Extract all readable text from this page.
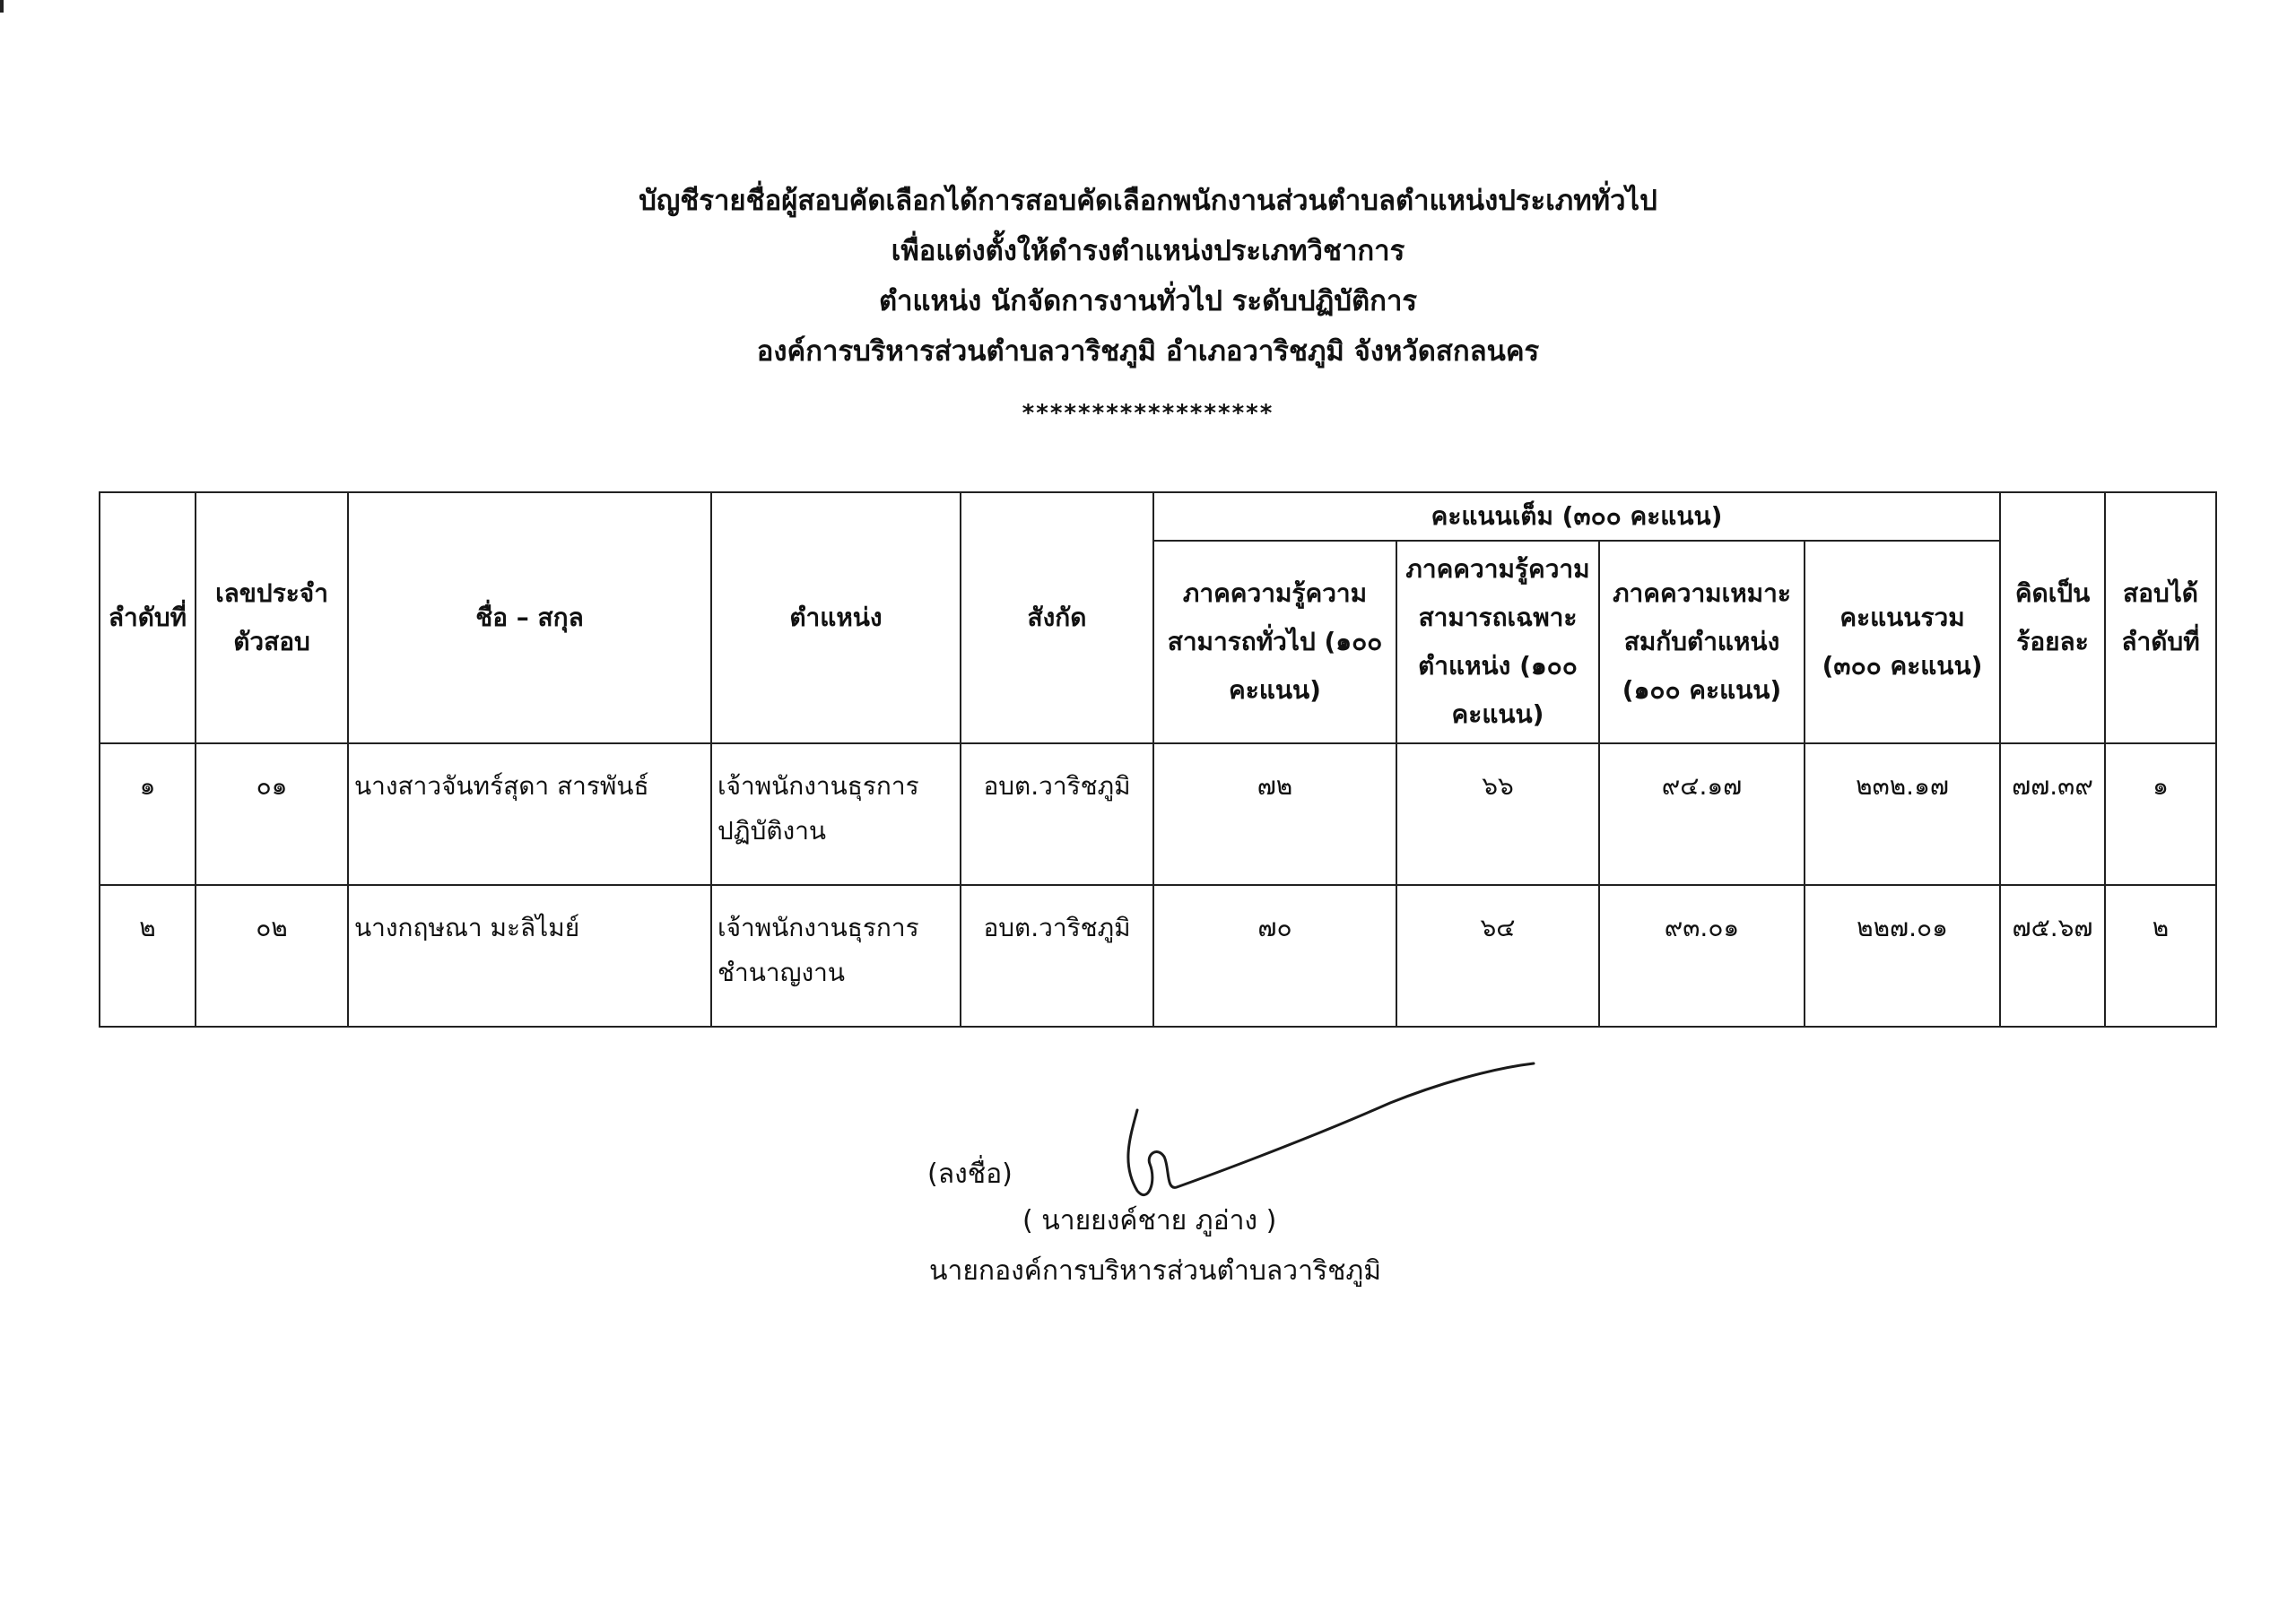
บัญชีรายชื่อผู้สอบคัดเลือกได้การสอบคัดเลือกพนักงานส่วนตำบลตำแหน่งประเภททั่วไป
เพื่อแต่งตั้งให้ดำรงตำแหน่งประเภทวิชาการ
ตำแหน่ง นักจัดการงานทั่วไป ระดับปฏิบัติการ
องค์การบริหารส่วนตำบลวาริชภูมิ อำเภอวาริชภูมิ จังหวัดสกลนคร
******************
ลำดับที่	เลขประจำตัวสอบ	ชื่อ – สกุล	ตำแหน่ง	สังกัด	คะแนนเต็ม (๓๐๐ คะแนน)				คิดเป็นร้อยละ	สอบได้ลำดับที่
					ภาคความรู้ความสามารถทั่วไป (๑๐๐ คะแนน)	ภาคความรู้ความสามารถเฉพาะตำแหน่ง (๑๐๐ คะแนน)	ภาคความเหมาะสมกับตำแหน่ง (๑๐๐ คะแนน)	คะแนนรวม (๓๐๐ คะแนน)		
๑	๐๑	นางสาวจันทร์สุดา สารพันธ์	เจ้าพนักงานธุรการปฏิบัติงาน	อบต.วาริชภูมิ	๗๒	๖๖	๙๔.๑๗	๒๓๒.๑๗	๗๗.๓๙	๑
๒	๐๒	นางกฤษณา มะลิไมย์	เจ้าพนักงานธุรการชำนาญงาน	อบต.วาริชภูมิ	๗๐	๖๔	๙๓.๐๑	๒๒๗.๐๑	๗๕.๖๗	๒
(ลงชื่อ)
( นายยงค์ชาย ภูอ่าง )
นายกองค์การบริหารส่วนตำบลวาริชภูมิ
